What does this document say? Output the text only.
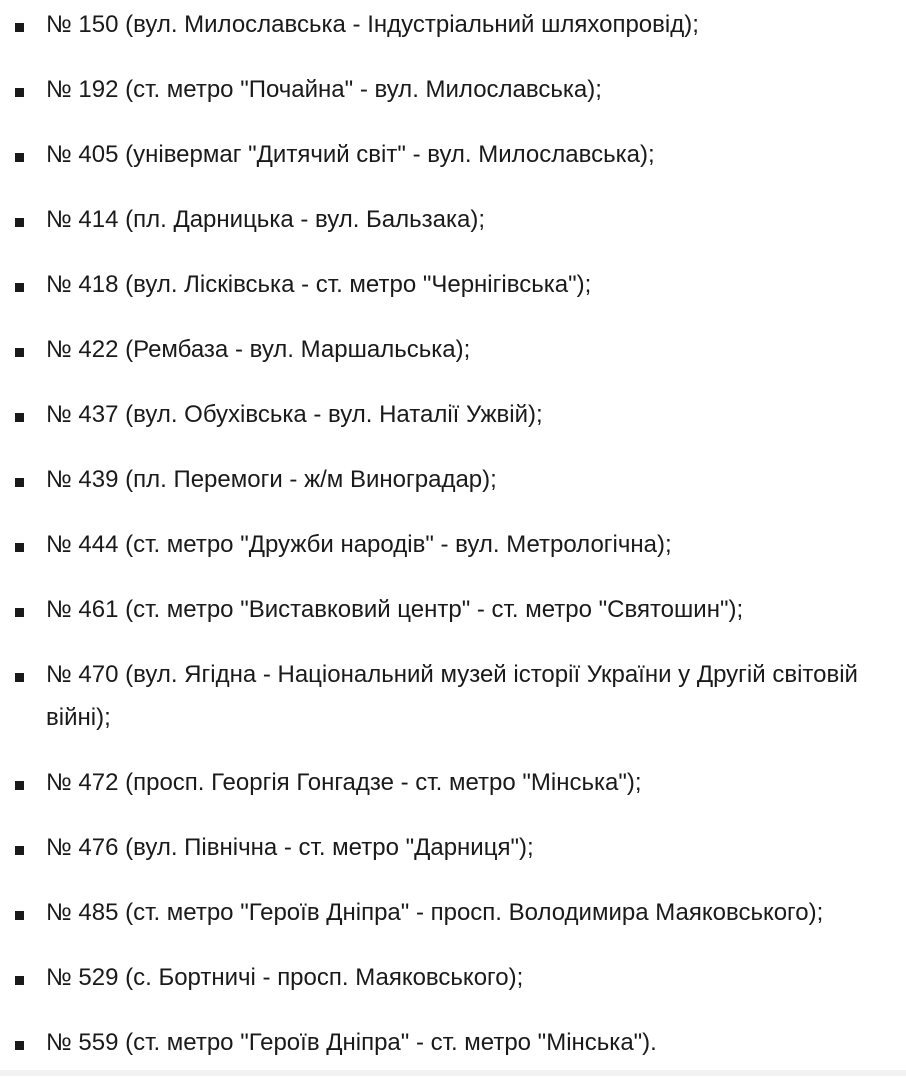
№ 150 (вул. Милославська - Індустріальний шляхопровід);
№ 192 (ст. метро "Почайна" - вул. Милославська);
№ 405 (універмаг "Дитячий світ" - вул. Милославська);
№ 414 (пл. Дарницька - вул. Бальзака);
№ 418 (вул. Лісківська - ст. метро "Чернігівська");
№ 422 (Рембаза - вул. Маршальська);
№ 437 (вул. Обухівська - вул. Наталії Ужвій);
№ 439 (пл. Перемоги - ж/м Виноградар);
№ 444 (ст. метро "Дружби народів" - вул. Метрологічна);
№ 461 (ст. метро "Виставковий центр" - ст. метро "Святошин");
№ 470 (вул. Ягідна - Національний музей історії України у Другій світовій війні);
№ 472 (просп. Георгія Гонгадзе - ст. метро "Мінська");
№ 476 (вул. Північна - ст. метро "Дарниця");
№ 485 (ст. метро "Героїв Дніпра" - просп. Володимира Маяковського);
№ 529 (с. Бортничі - просп. Маяковського);
№ 559 (ст. метро "Героїв Дніпра" - ст. метро "Мінська").
